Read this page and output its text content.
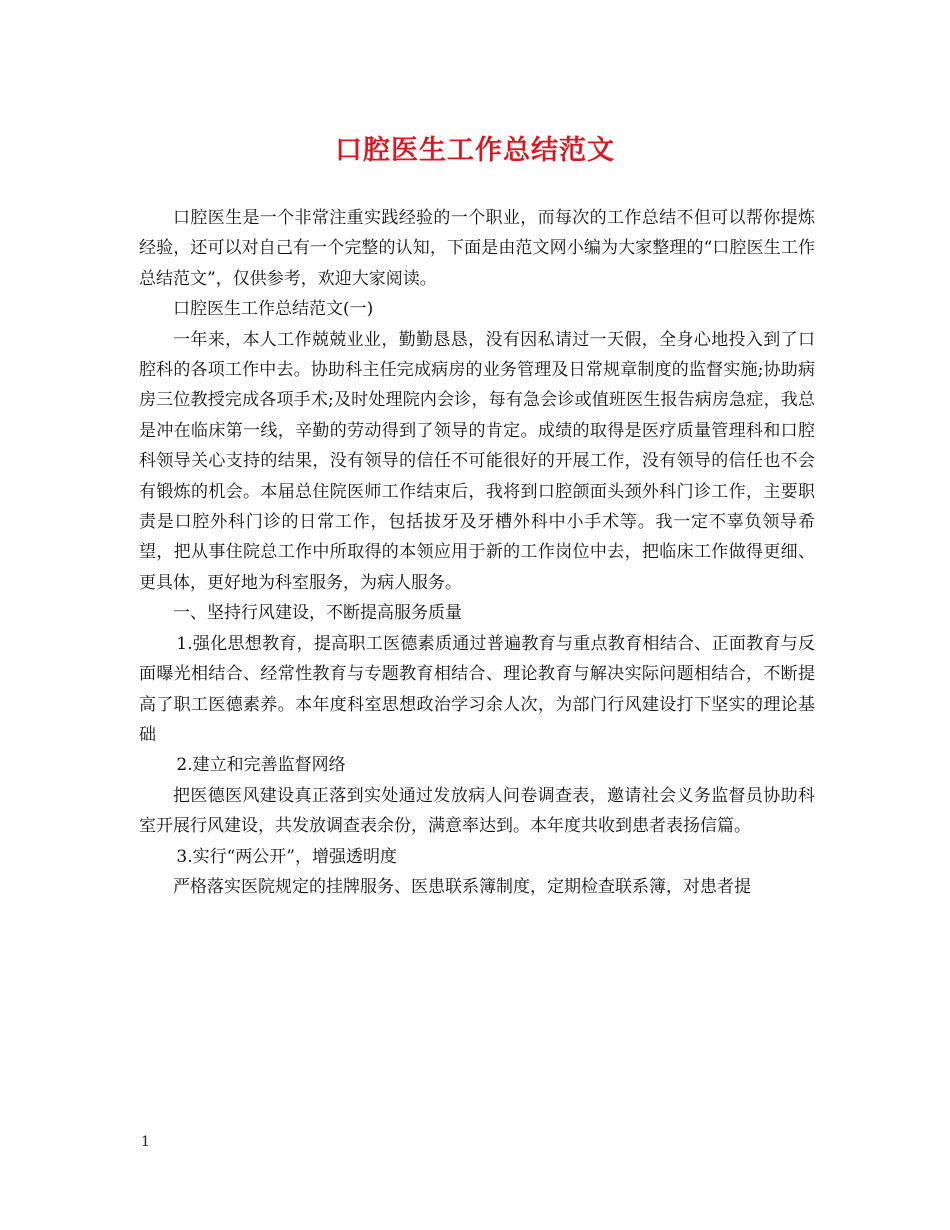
口腔医生工作总结范文

口腔医生是一个非常注重实践经验的一个职业，而每次的工作总结不但可以帮你提炼经验，还可以对自己有一个完整的认知，下面是由范文网小编为大家整理的“口腔医生工作总结范文”，仅供参考，欢迎大家阅读。

口腔医生工作总结范文(一)

一年来，本人工作兢兢业业，勤勤恳恳，没有因私请过一天假，全身心地投入到了口腔科的各项工作中去。协助科主任完成病房的业务管理及日常规章制度的监督实施;协助病房三位教授完成各项手术;及时处理院内会诊，每有急会诊或值班医生报告病房急症，我总是冲在临床第一线，辛勤的劳动得到了领导的肯定。成绩的取得是医疗质量管理科和口腔科领导关心支持的结果，没有领导的信任不可能很好的开展工作，没有领导的信任也不会有锻炼的机会。本届总住院医师工作结束后，我将到口腔颌面头颈外科门诊工作，主要职责是口腔外科门诊的日常工作，包括拔牙及牙槽外科中小手术等。我一定不辜负领导希望，把从事住院总工作中所取得的本领应用于新的工作岗位中去，把临床工作做得更细、更具体，更好地为科室服务，为病人服务。

一、坚持行风建设，不断提高服务质量

1.强化思想教育，提高职工医德素质通过普遍教育与重点教育相结合、正面教育与反面曝光相结合、经常性教育与专题教育相结合、理论教育与解决实际问题相结合，不断提高了职工医德素养。本年度科室思想政治学习余人次，为部门行风建设打下坚实的理论基础

2.建立和完善监督网络

把医德医风建设真正落到实处通过发放病人问卷调查表，邀请社会义务监督员协助科室开展行风建设，共发放调查表余份，满意率达到。本年度共收到患者表扬信篇。

3.实行“两公开”，增强透明度

严格落实医院规定的挂牌服务、医患联系簿制度，定期检查联系簿，对患者提

1
